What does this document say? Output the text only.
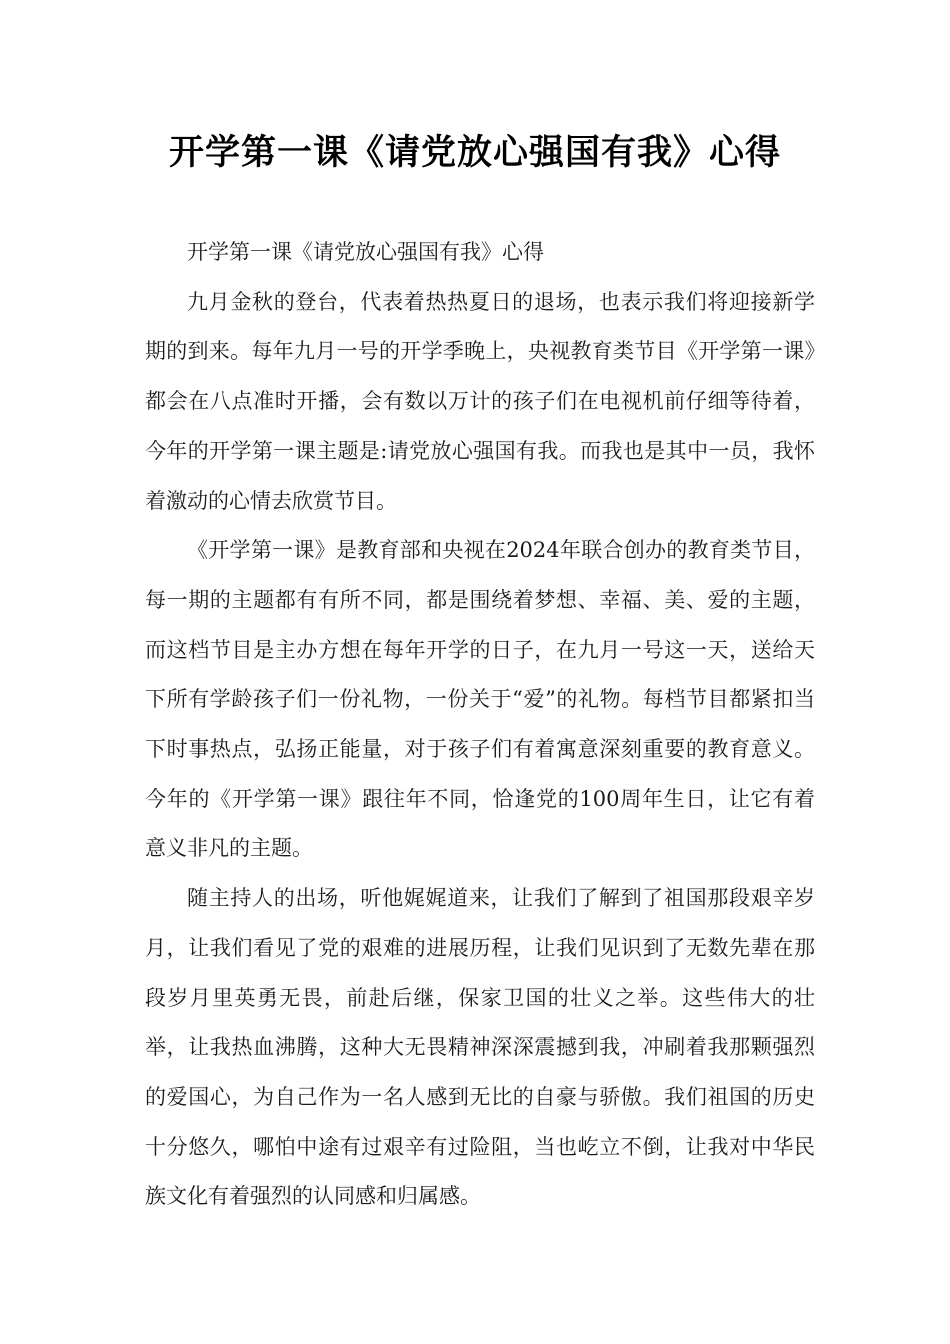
开学第一课《请党放心强国有我》心得

开学第一课《请党放心强国有我》心得

九月金秋的登台，代表着热热夏日的退场，也表示我们将迎接新学期的到来。每年九月一号的开学季晚上，央视教育类节目《开学第一课》都会在八点准时开播，会有数以万计的孩子们在电视机前仔细等待着，今年的开学第一课主题是:请党放心强国有我。而我也是其中一员，我怀着激动的心情去欣赏节目。

《开学第一课》是教育部和央视在2024年联合创办的教育类节目，每一期的主题都有有所不同，都是围绕着梦想、幸福、美、爱的主题，而这档节目是主办方想在每年开学的日子，在九月一号这一天，送给天下所有学龄孩子们一份礼物，一份关于“爱”的礼物。每档节目都紧扣当下时事热点，弘扬正能量，对于孩子们有着寓意深刻重要的教育意义。今年的《开学第一课》跟往年不同，恰逢党的100周年生日，让它有着意义非凡的主题。

随主持人的出场，听他娓娓道来，让我们了解到了祖国那段艰辛岁月，让我们看见了党的艰难的进展历程，让我们见识到了无数先辈在那段岁月里英勇无畏，前赴后继，保家卫国的壮义之举。这些伟大的壮举，让我热血沸腾，这种大无畏精神深深震撼到我，冲刷着我那颗强烈的爱国心，为自己作为一名人感到无比的自豪与骄傲。我们祖国的历史十分悠久，哪怕中途有过艰辛有过险阻，当也屹立不倒，让我对中华民族文化有着强烈的认同感和归属感。
